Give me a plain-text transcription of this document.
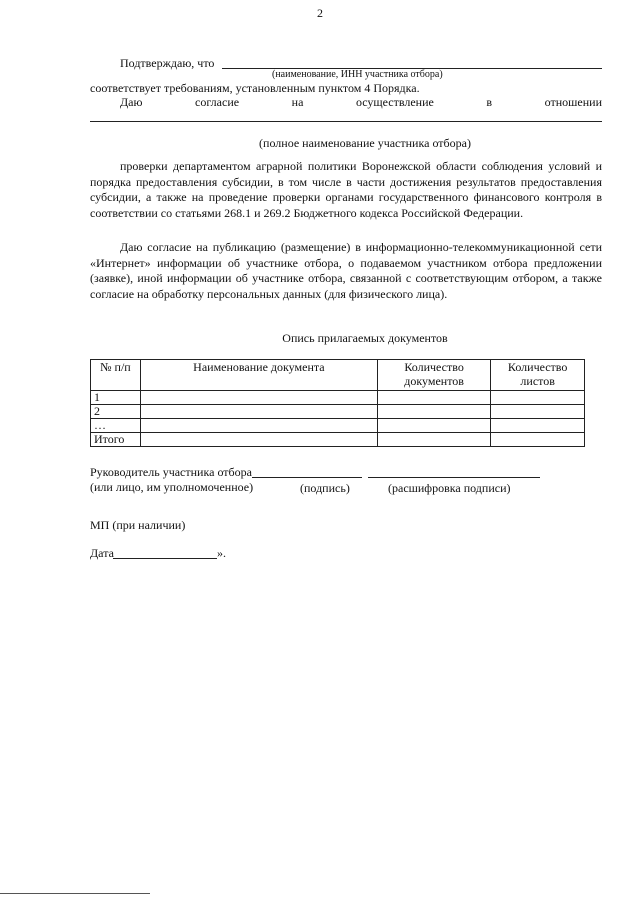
2
Подтверждаю, что
(наименование, ИНН участника отбора)
соответствует требованиям, установленным пунктом 4 Порядка.
Даю	согласие	на	осуществление	в	отношении
(полное наименование участника отбора)
проверки департаментом аграрной политики Воронежской области соблюдения условий и порядка предоставления субсидии, в том числе в части достижения результатов предоставления субсидии, а также на проведение проверки органами государственного финансового контроля в соответствии со статьями 268.1 и 269.2 Бюджетного кодекса Российской Федерации.
Даю согласие на публикацию (размещение) в информационно-телекоммуникационной сети «Интернет» информации об участнике отбора, о подаваемом участником отбора предложении (заявке), иной информации об участнике отбора, связанной с соответствующим отбором, а также согласие на обработку персональных данных (для физического лица).
Опись прилагаемых документов
№ п/п	Наименование документа	Количество документов	Количество листов
1			
2			
…			
Итого			
Руководитель участника отбора
(или лицо, им уполномоченное)	(подпись)	(расшифровка подписи)
МП (при наличии)
Дата	».
